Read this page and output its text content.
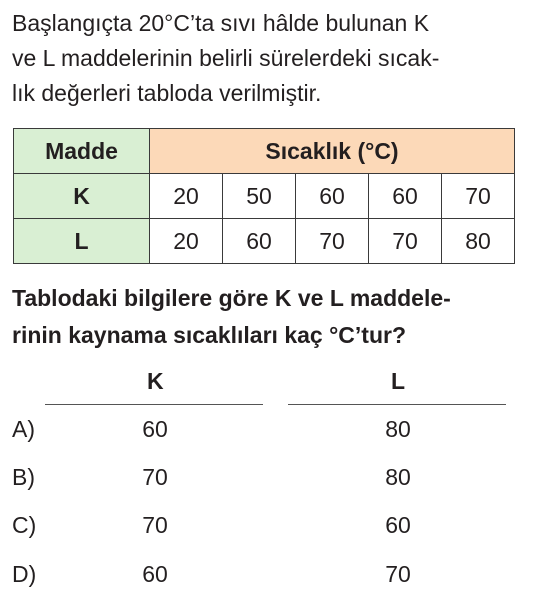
Başlangıçta 20°C’ta sıvı hâlde bulunan K
ve L maddelerinin belirli sürelerdeki sıcak-
lık değerleri tabloda verilmiştir.
Madde	Sıcaklık (°C)				
K	20	50	60	60	70
L	20	60	70	70	80
Tablodaki bilgilere göre K ve L maddele-
rinin kaynama sıcaklıları kaç °C’tur?
K	L
A)	60	80
B)	70	80
C)	70	60
D)	60	70
